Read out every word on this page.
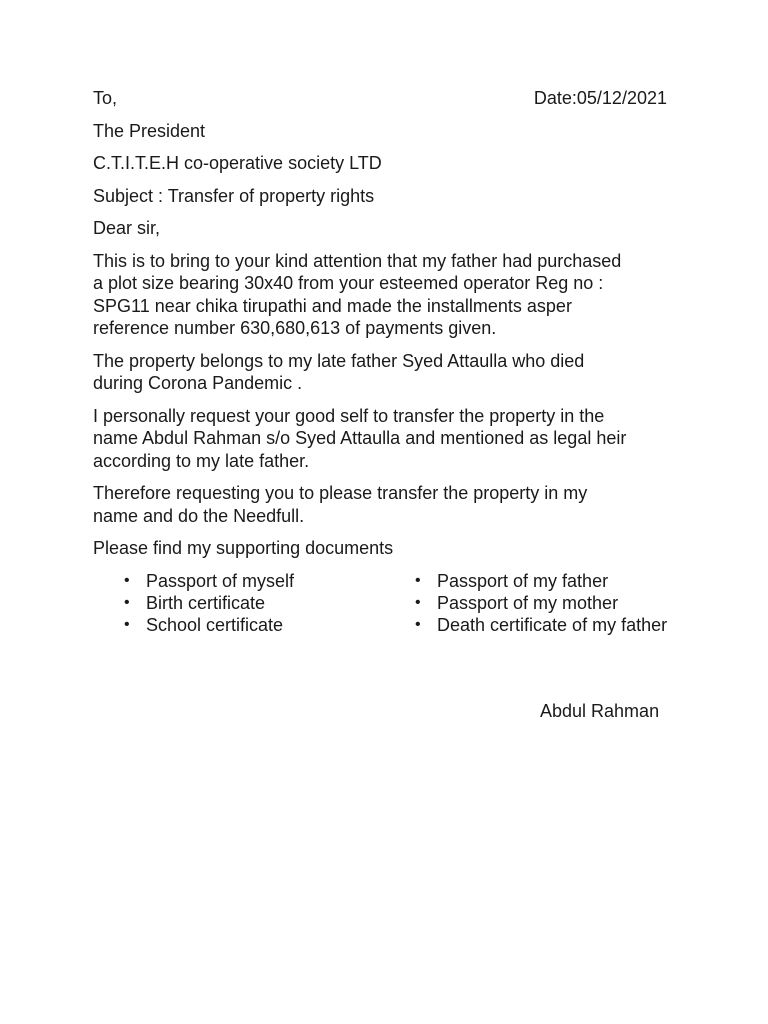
To,	Date:05/12/2021

The President

C.T.I.T.E.H co-operative society LTD

Subject : Transfer of property rights

Dear sir,

This is to bring to your kind attention that my father had purchased
a plot size bearing 30x40 from your esteemed operator Reg no :
SPG11 near chika tirupathi and made the installments asper
reference number 630,680,613 of payments given.

The property belongs to my late father Syed Attaulla who died
during Corona Pandemic .

I personally request your good self to transfer the property in the
name Abdul Rahman s/o Syed Attaulla and mentioned as legal heir
according to my late father.

Therefore requesting you to please transfer the property in my
name and do the Needfull.

Please find my supporting documents

• Passport of myself
• Birth certificate
• School certificate
• Passport of my father
• Passport of my mother
• Death certificate of my father
Abdul Rahman
